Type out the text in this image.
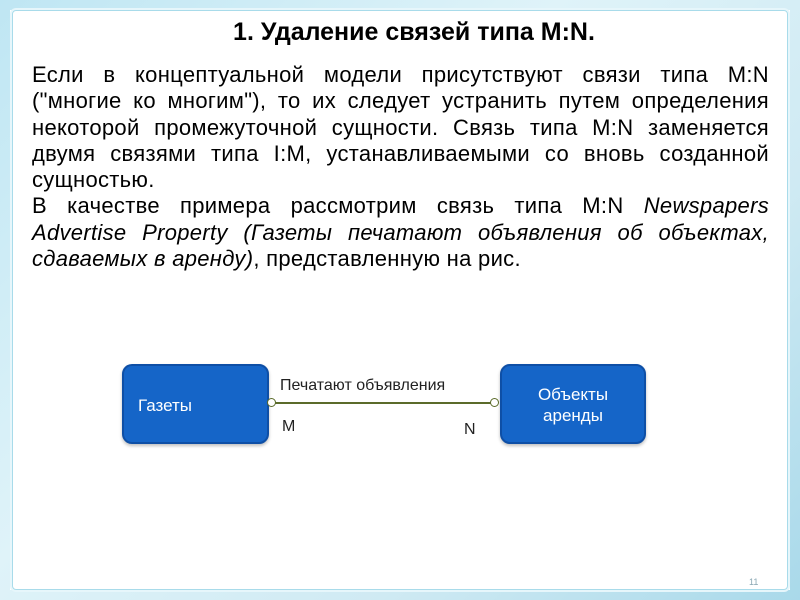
1. Удаление связей типа M:N.

Если в концептуальной модели присутствуют связи типа M:N ("многие ко многим"), то их следует устранить путем определения некоторой промежуточной сущности. Связь типа M:N заменяется двумя связями типа I:M, устанавливаемыми со вновь созданной сущностью.

В качестве примера рассмотрим связь типа M:N Newspapers Advertise Property (Газеты печатают объявления об объектах, сдаваемых в аренду), представленную на рис.

Газеты
Объекты
аренды
Печатают объявления
M	N
11
